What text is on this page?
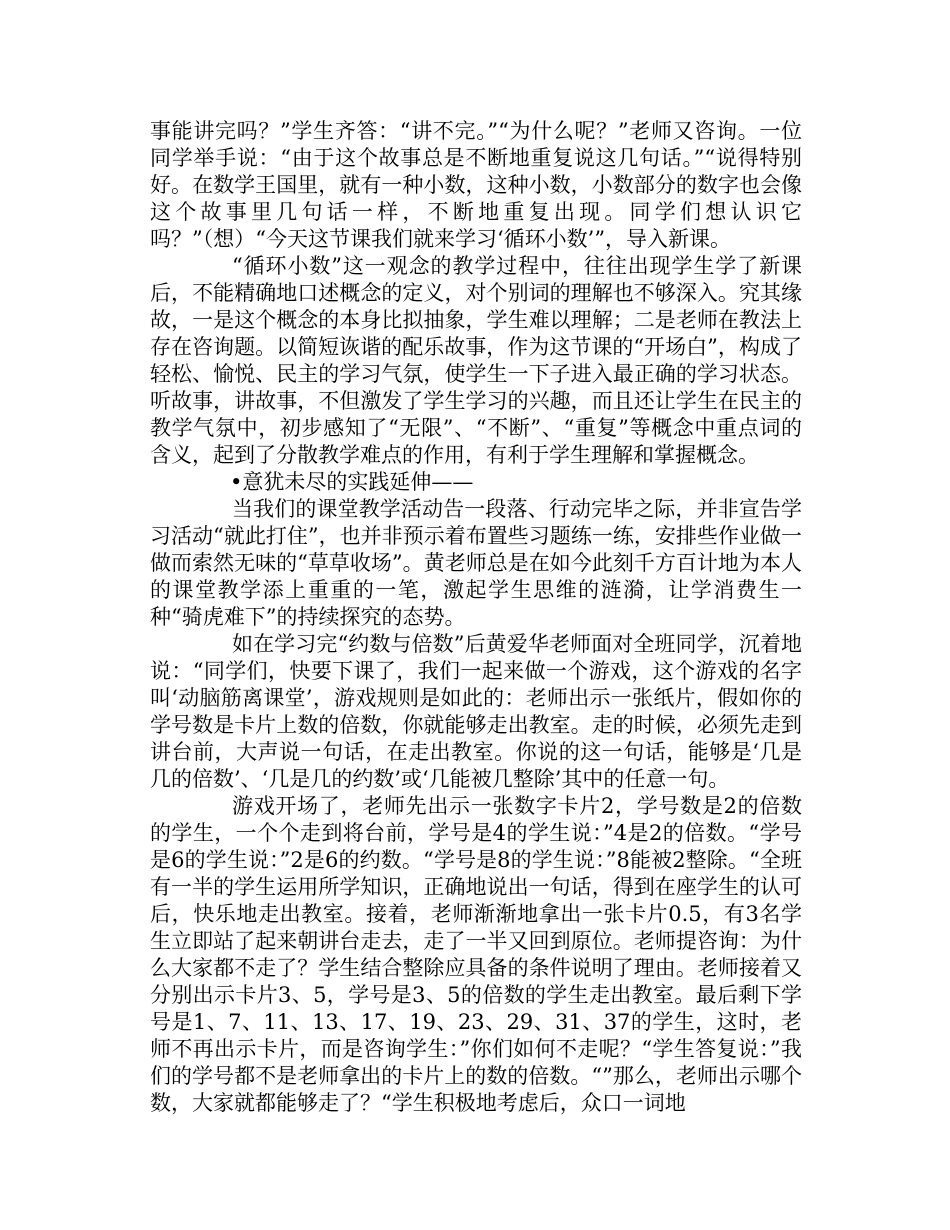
事能讲完吗？”学生齐答：“讲不完。”“为什么呢？”老师又咨询。一位同学举手说：“由于这个故事总是不断地重复说这几句话。”“说得特别好。在数学王国里，就有一种小数，这种小数，小数部分的数字也会像这个故事里几句话一样，不断地重复出现。同学们想认识它吗？”（想）“今天这节课我们就来学习‘循环小数’”，导入新课。

“循环小数”这一观念的教学过程中，往往出现学生学了新课后，不能精确地口述概念的定义，对个别词的理解也不够深入。究其缘故，一是这个概念的本身比拟抽象，学生难以理解；二是老师在教法上存在咨询题。以简短诙谐的配乐故事，作为这节课的“开场白”，构成了轻松、愉悦、民主的学习气氛，使学生一下子进入最正确的学习状态。听故事，讲故事，不但激发了学生学习的兴趣，而且还让学生在民主的教学气氛中，初步感知了“无限”、“不断”、“重复”等概念中重点词的含义，起到了分散教学难点的作用，有利于学生理解和掌握概念。

•意犹未尽的实践延伸——

当我们的课堂教学活动告一段落、行动完毕之际，并非宣告学习活动“就此打住”，也并非预示着布置些习题练一练，安排些作业做一做而索然无味的“草草收场”。黄老师总是在如今此刻千方百计地为本人的课堂教学添上重重的一笔，激起学生思维的涟漪，让学消费生一种“骑虎难下”的持续探究的态势。

如在学习完“约数与倍数”后黄爱华老师面对全班同学，沉着地说：“同学们，快要下课了，我们一起来做一个游戏，这个游戏的名字叫‘动脑筋离课堂’，游戏规则是如此的：老师出示一张纸片，假如你的学号数是卡片上数的倍数，你就能够走出教室。走的时候，必须先走到讲台前，大声说一句话，在走出教室。你说的这一句话，能够是‘几是几的倍数’、‘几是几的约数’或‘几能被几整除’其中的任意一句。

游戏开场了，老师先出示一张数字卡片2，学号数是2的倍数的学生，一个个走到将台前，学号是4的学生说：”4是2的倍数。“学号是6的学生说：”2是6的约数。“学号是8的学生说：”8能被2整除。“全班有一半的学生运用所学知识，正确地说出一句话，得到在座学生的认可后，快乐地走出教室。接着，老师渐渐地拿出一张卡片0.5，有3名学生立即站了起来朝讲台走去，走了一半又回到原位。老师提咨询：为什么大家都不走了？学生结合整除应具备的条件说明了理由。老师接着又分别出示卡片3、5，学号是3、5的倍数的学生走出教室。最后剩下学号是1、7、11、13、17、19、23、29、31、37的学生，这时，老师不再出示卡片，而是咨询学生：”你们如何不走呢？“学生答复说：”我们的学号都不是老师拿出的卡片上的数的倍数。“”那么，老师出示哪个数，大家就都能够走了？“学生积极地考虑后，众口一词地
